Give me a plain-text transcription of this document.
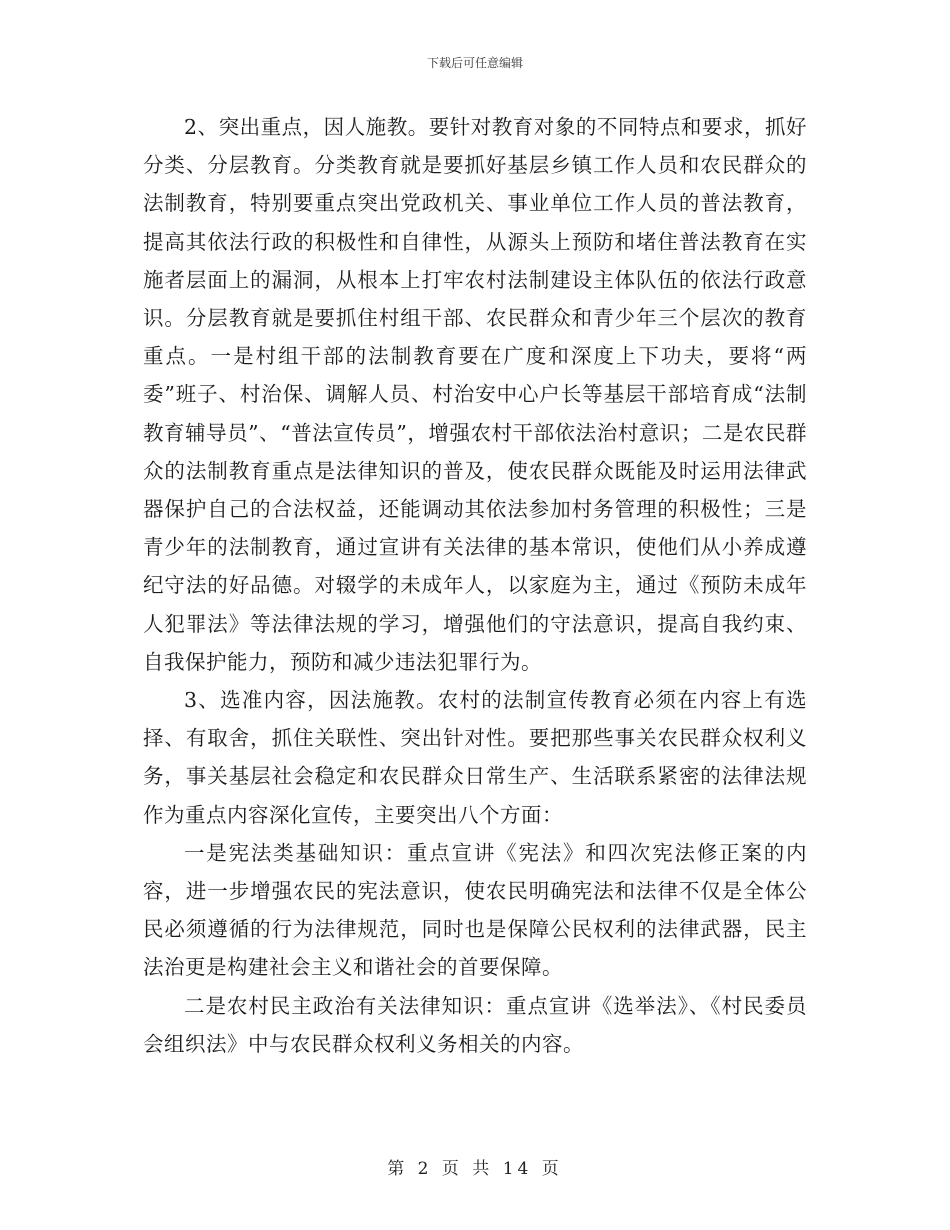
下载后可任意编辑

2、突出重点，因人施教。要针对教育对象的不同特点和要求，抓好分类、分层教育。分类教育就是要抓好基层乡镇工作人员和农民群众的法制教育，特别要重点突出党政机关、事业单位工作人员的普法教育，提高其依法行政的积极性和自律性，从源头上预防和堵住普法教育在实施者层面上的漏洞，从根本上打牢农村法制建设主体队伍的依法行政意识。分层教育就是要抓住村组干部、农民群众和青少年三个层次的教育重点。一是村组干部的法制教育要在广度和深度上下功夫，要将“两委”班子、村治保、调解人员、村治安中心户长等基层干部培育成“法制教育辅导员”、“普法宣传员”，增强农村干部依法治村意识；二是农民群众的法制教育重点是法律知识的普及，使农民群众既能及时运用法律武器保护自己的合法权益，还能调动其依法参加村务管理的积极性；三是青少年的法制教育，通过宣讲有关法律的基本常识，使他们从小养成遵纪守法的好品德。对辍学的未成年人，以家庭为主，通过《预防未成年人犯罪法》等法律法规的学习，增强他们的守法意识，提高自我约束、自我保护能力，预防和减少违法犯罪行为。

3、选准内容，因法施教。农村的法制宣传教育必须在内容上有选择、有取舍，抓住关联性、突出针对性。要把那些事关农民群众权利义务，事关基层社会稳定和农民群众日常生产、生活联系紧密的法律法规作为重点内容深化宣传，主要突出八个方面：

一是宪法类基础知识：重点宣讲《宪法》和四次宪法修正案的内容，进一步增强农民的宪法意识，使农民明确宪法和法律不仅是全体公民必须遵循的行为法律规范，同时也是保障公民权利的法律武器，民主法治更是构建社会主义和谐社会的首要保障。

二是农村民主政治有关法律知识：重点宣讲《选举法》、《村民委员会组织法》中与农民群众权利义务相关的内容。

第 2 页 共 14 页
